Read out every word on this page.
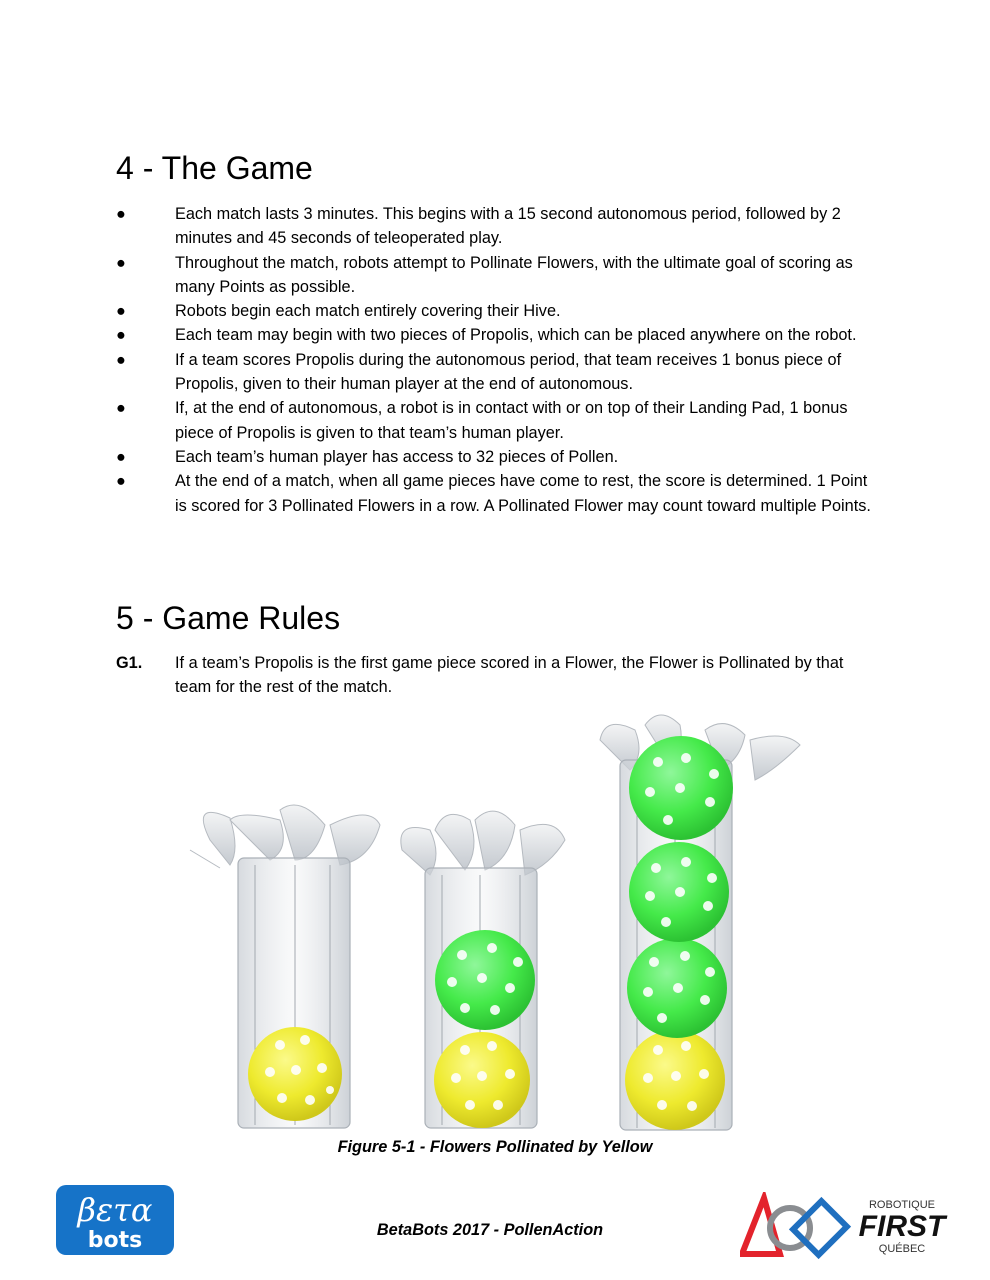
4 - The Game
●	Each match lasts 3 minutes. This begins with a 15 second autonomous period, followed by 2 minutes and 45 seconds of teleoperated play.
●	Throughout the match, robots attempt to Pollinate Flowers, with the ultimate goal of scoring as many Points as possible.
●	Robots begin each match entirely covering their Hive.
●	Each team may begin with two pieces of Propolis, which can be placed anywhere on the robot.
●	If a team scores Propolis during the autonomous period, that team receives 1 bonus piece of Propolis, given to their human player at the end of autonomous.
●	If, at the end of autonomous, a robot is in contact with or on top of their Landing Pad, 1 bonus piece of Propolis is given to that team’s human player.
●	Each team’s human player has access to 32 pieces of Pollen.
●	At the end of a match, when all game pieces have come to rest, the score is determined. 1 Point is scored for 3 Pollinated Flowers in a row. A Pollinated Flower may count toward multiple Points.
5 - Game Rules
G1. If a team’s Propolis is the first game piece scored in a Flower, the Flower is Pollinated by that team for the rest of the match.
Figure 5-1 - Flowers Pollinated by Yellow
βετα
bots	BetaBots 2017 - PollenAction
ROBOTIQUE
FIRST
QUÉBEC
